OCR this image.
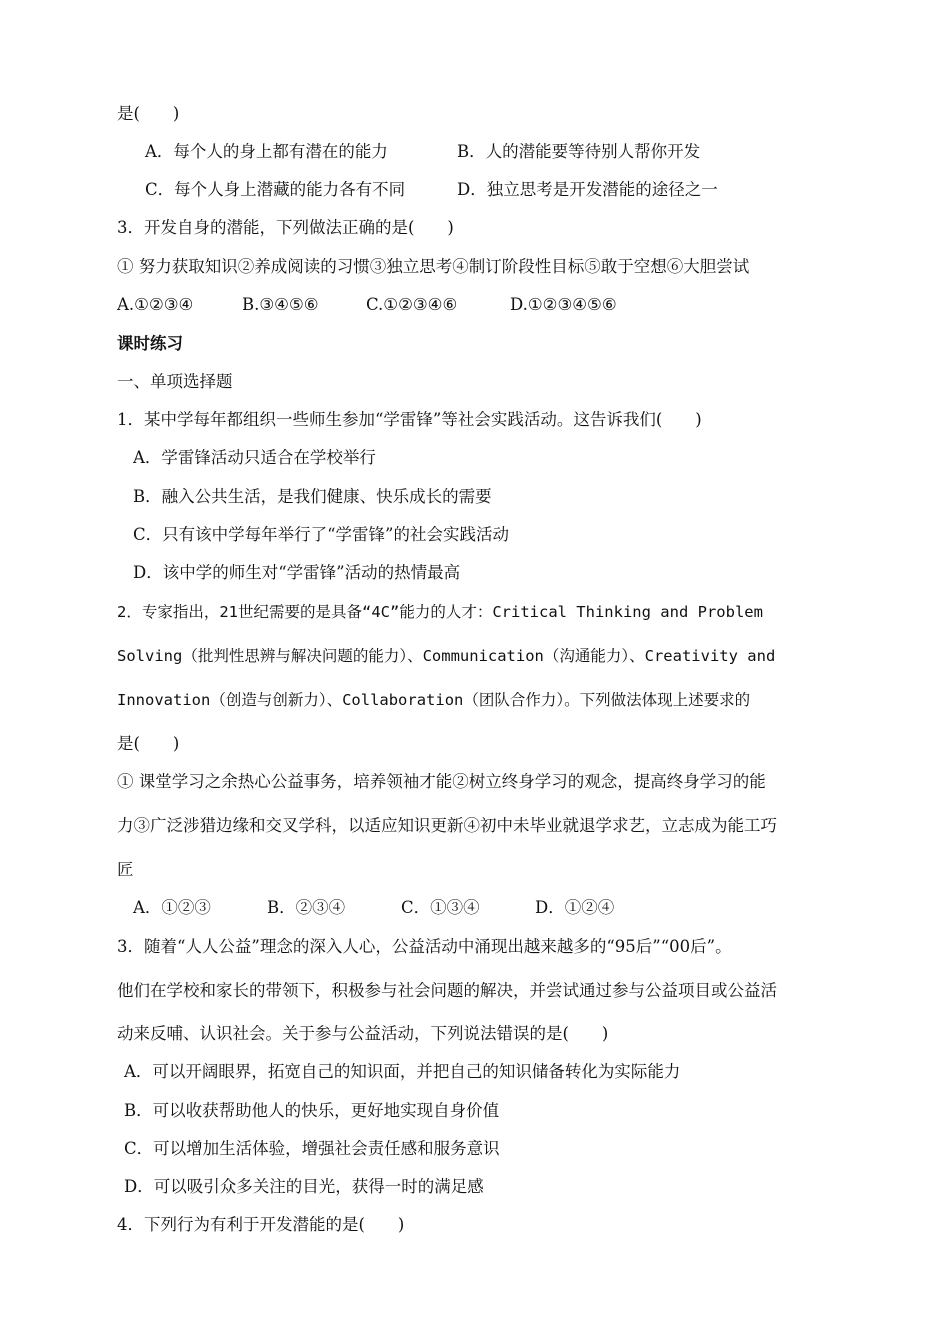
是(　　)
A．每个人的身上都有潜在的能力	B．人的潜能要等待别人帮你开发
C．每个人身上潜藏的能力各有不同	D．独立思考是开发潜能的途径之一
3．开发自身的潜能，下列做法正确的是(　　)
① 努力获取知识②养成阅读的习惯③独立思考④制订阶段性目标⑤敢于空想⑥大胆尝试
A.①②③④	B.③④⑤⑥	C.①②③④⑥	D.①②③④⑤⑥
课时练习
一、单项选择题
1．某中学每年都组织一些师生参加“学雷锋”等社会实践活动。这告诉我们(　　)
A．学雷锋活动只适合在学校举行
B．融入公共生活，是我们健康、快乐成长的需要
C．只有该中学每年举行了“学雷锋”的社会实践活动
D．该中学的师生对“学雷锋”活动的热情最高
2．专家指出，21世纪需要的是具备“4C”能力的人才：Critical Thinking and Problem
Solving（批判性思辨与解决问题的能力）、Communication（沟通能力）、Creativity and
Innovation（创造与创新力）、Collaboration（团队合作力）。下列做法体现上述要求的
是(　　)
① 课堂学习之余热心公益事务，培养领袖才能②树立终身学习的观念，提高终身学习的能
力③广泛涉猎边缘和交叉学科，以适应知识更新④初中未毕业就退学求艺，立志成为能工巧
匠
A．①②③	B．②③④	C．①③④	D．①②④
3．随着“人人公益”理念的深入人心，公益活动中涌现出越来越多的“95后”“00后”。
他们在学校和家长的带领下，积极参与社会问题的解决，并尝试通过参与公益项目或公益活
动来反哺、认识社会。关于参与公益活动，下列说法错误的是(　　)
A．可以开阔眼界，拓宽自己的知识面，并把自己的知识储备转化为实际能力
B．可以收获帮助他人的快乐，更好地实现自身价值
C．可以增加生活体验，增强社会责任感和服务意识
D．可以吸引众多关注的目光，获得一时的满足感
4．下列行为有利于开发潜能的是(　　)
